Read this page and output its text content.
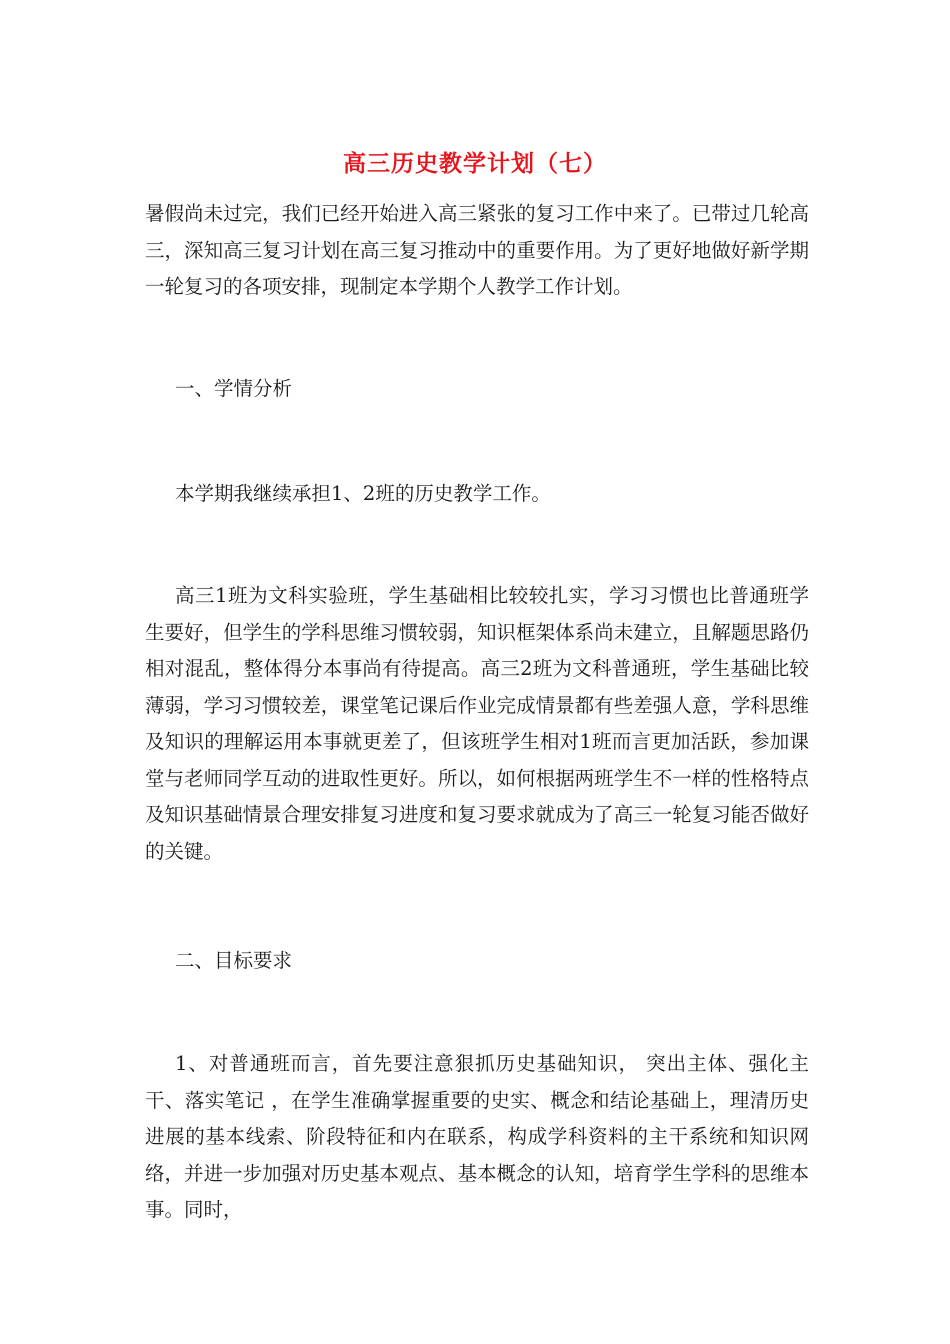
高三历史教学计划（七）

暑假尚未过完，我们已经开始进入高三紧张的复习工作中来了。已带过几轮高三，深知高三复习计划在高三复习推动中的重要作用。为了更好地做好新学期一轮复习的各项安排，现制定本学期个人教学工作计划。

一、学情分析

本学期我继续承担1、2班的历史教学工作。

高三1班为文科实验班，学生基础相比较较扎实，学习习惯也比普通班学生要好，但学生的学科思维习惯较弱，知识框架体系尚未建立，且解题思路仍相对混乱，整体得分本事尚有待提高。高三2班为文科普通班，学生基础比较薄弱，学习习惯较差，课堂笔记课后作业完成情景都有些差强人意，学科思维及知识的理解运用本事就更差了，但该班学生相对1班而言更加活跃，参加课堂与老师同学互动的进取性更好。所以，如何根据两班学生不一样的性格特点及知识基础情景合理安排复习进度和复习要求就成为了高三一轮复习能否做好的关键。

二、目标要求

1、对普通班而言，首先要注意狠抓历史基础知识， 突出主体、强化主干、落实笔记 ，在学生准确掌握重要的史实、概念和结论基础上，理清历史进展的基本线索、阶段特征和内在联系，构成学科资料的主干系统和知识网络，并进一步加强对历史基本观点、基本概念的认知，培育学生学科的思维本事。同时，
